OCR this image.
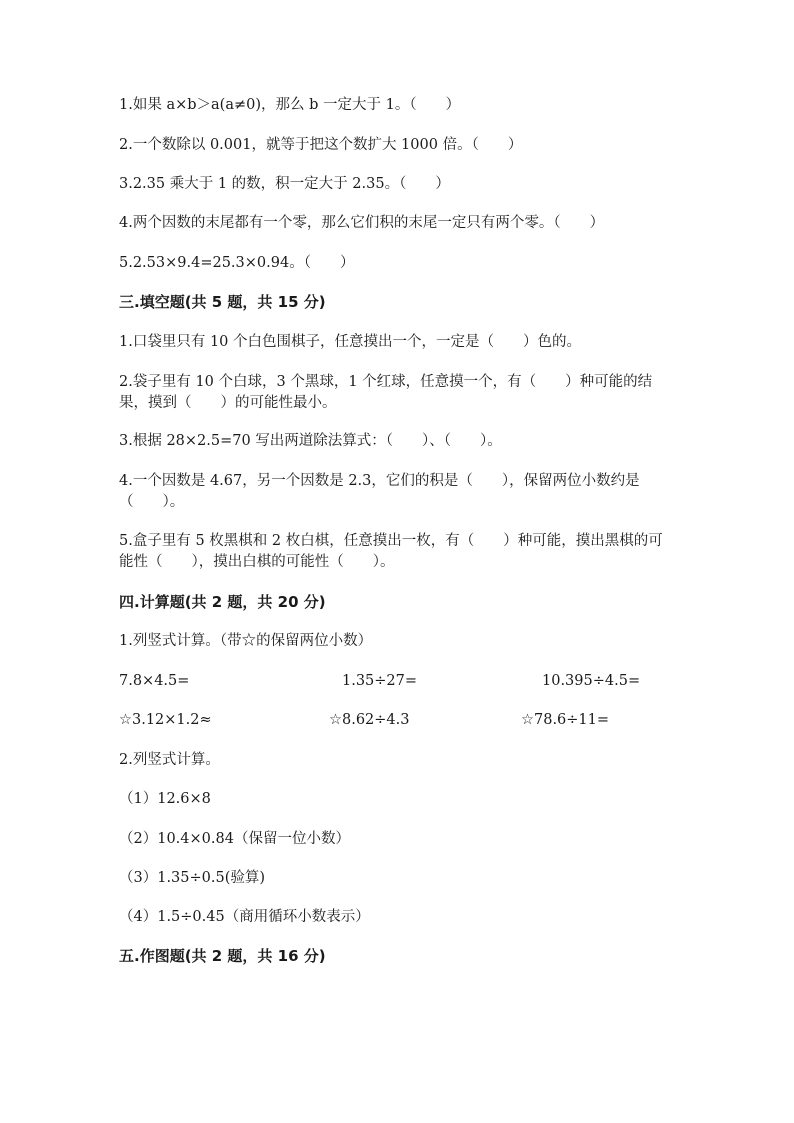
1.如果 a×b＞a(a≠0)，那么 b 一定大于 1。（　　）
2.一个数除以 0.001，就等于把这个数扩大 1000 倍。（　　）
3.2.35 乘大于 1 的数，积一定大于 2.35。（　　）
4.两个因数的末尾都有一个零，那么它们积的末尾一定只有两个零。（　　）
5.2.53×9.4=25.3×0.94。（　　）
三.填空题(共 5 题，共 15 分)
1.口袋里只有 10 个白色围棋子，任意摸出一个，一定是（　　）色的。
2.袋子里有 10 个白球，3 个黑球，1 个红球，任意摸一个，有（　　）种可能的结果，摸到（　　）的可能性最小。
3.根据 28×2.5=70 写出两道除法算式：（　　）、（　　）。
4.一个因数是 4.67，另一个因数是 2.3，它们的积是（　　），保留两位小数约是（　　）。
5.盒子里有 5 枚黑棋和 2 枚白棋，任意摸出一枚，有（　　）种可能，摸出黑棋的可能性（　　），摸出白棋的可能性（　　）。
四.计算题(共 2 题，共 20 分)
1.列竖式计算。（带☆的保留两位小数）
7.8×4.5=	1.35÷27=	10.395÷4.5=
☆3.12×1.2≈	☆8.62÷4.3	☆78.6÷11=
2.列竖式计算。
（1）12.6×8
（2）10.4×0.84（保留一位小数）
（3）1.35÷0.5(验算)
（4）1.5÷0.45（商用循环小数表示）
五.作图题(共 2 题，共 16 分)
